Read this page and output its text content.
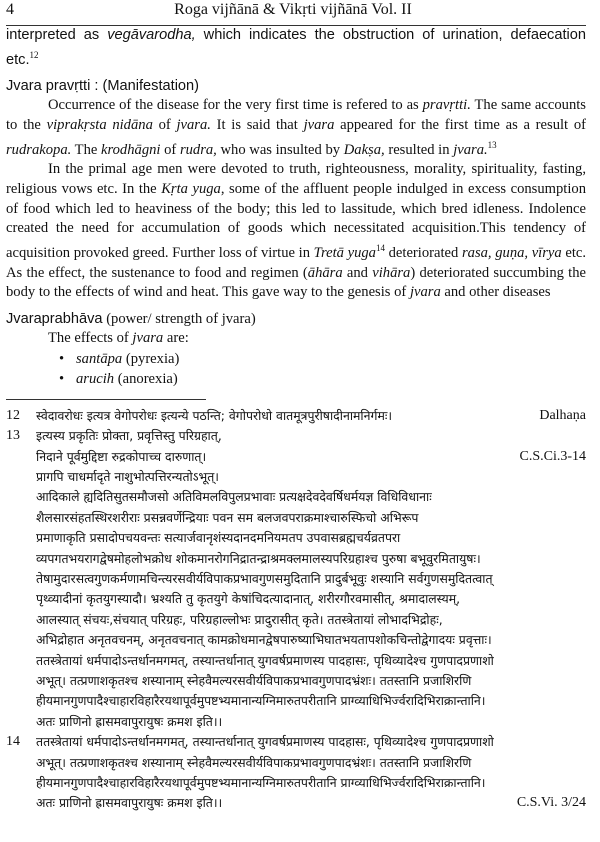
4	Roga vijñānā & Vikṛti vijñānā Vol. II

interpreted as vegāvarodha, which indicates the obstruction of urination, defaecation etc.$^{12}$

Jvara pravṛtti : (Manifestation)

Occurrence of the disease for the very first time is refered to as pravṛtti. The same accounts to the viprakṛsta nidāna of jvara. It is said that jvara appeared for the first time as a result of rudrakopa. The krodhāgni of rudra, who was insulted by Dakṣa, resulted in jvara.$^{13}$

In the primal age men were devoted to truth, righteousness, morality, spirituality, fasting, religious vows etc. In the Kṛta yuga, some of the affluent people indulged in excess consumption of food which led to heaviness of the body; this led to lassitude, which bred idleness. Indolence created the need for accumulation of goods which necessitated acquisition.This tendency of acquisition provoked greed. Further loss of virtue in Tretā yuga$^{14}$ deteriorated rasa, guṇa, vīrya etc. As the effect, the sustenance to food and regimen (āhāra and vihāra) deteriorated succumbing the body to the effects of wind and heat. This gave way to the genesis of jvara and other diseases

Jvaraprabhāva (power/ strength of jvara)

The effects of jvara are:

• santāpa (pyrexia)
• arucih (anorexia)
12	स्वेदावरोधः इत्यत्र वेगोपरोधः इत्यन्ये पठन्ति; वेगोपरोधो वातमूत्रपुरीषादीनामनिर्गमः।	Dalhaṇa
13	इत्यस्य प्रकृतिः प्रोक्ता, प्रवृत्तिस्तु परिग्रहात्,
निदाने पूर्वमुद्दिष्टा रुद्रकोपाच्च दारुणात्।	C.S.Ci.3-14
प्रागपि चाधर्मादृते नाशुभोत्पत्तिरन्यतोऽभूत्।
आदिकाले ह्यदितिसुतसमौजसो अतिविमलविपुलप्रभावाः प्रत्यक्षदेवदेवर्षिधर्मयज्ञ विधिविधानाः
शैलसारसंहतस्थिरशरीराः प्रसन्नवर्णेन्द्रियाः पवन सम बलजवपराक्रमाश्चारुस्फिचो अभिरूप
प्रमाणाकृति प्रसादोपचयवन्तः सत्यार्जवानृशंस्यदानदमनियमतप उपवासब्रह्मचर्यव्रतपरा
व्यपगतभयरागद्वेषमोहलोभक्रोध शोकमानरोगनिद्रातन्द्राश्रमक्लमालस्यपरिग्रहाश्च पुरुषा बभूवुरमितायुषः।
तेषामुदारसत्वगुणकर्मणामचिन्त्यरसवीर्यविपाकप्रभावगुणसमुदितानि प्रादुर्बभूवुः शस्यानि सर्वगुणसमुदितत्वात्
पृथ्व्यादीनां कृतयुगस्यादौ। भ्रश्यति तु कृतयुगे केषांचिदत्यादानात्, शरीरगौरवमासीत्, श्रमादालस्यम्,
आलस्यात् संचयः,संचयात् परिग्रहः, परिग्रहाल्लोभः प्रादुरासीत् कृते। ततस्त्रेतायां लोभादभिद्रोहः,
अभिद्रोहात अनृतवचनम्, अनृतवचनात् कामक्रोधमानद्वेषपारुष्याभिघातभयतापशोकचिन्तोद्वेगादयः प्रवृत्ताः।
ततस्त्रेतायां धर्मपादोऽन्तर्धानमगमत्, तस्यान्तर्धानात् युगवर्षप्रमाणस्य पादहासः, पृथिव्यादेश्च गुणपादप्रणाशो
अभूत्। तत्प्रणाशकृतश्च शस्यानाम् स्नेहवैमल्यरसवीर्यविपाकप्रभावगुणपादभ्रंशः। ततस्तानि प्रजाशिरणि
हीयमानगुणपादैश्चाहारविहारैरयथापूर्वमुपष्टभ्यमानान्यग्निमारुतपरीतानि प्राग्व्याधिभिर्ज्वरादिभिराक्रान्तानि।
अतः प्राणिनो ह्रासमवापुरायुषः क्रमश इति।।
14	ततस्त्रेतायां धर्मपादोऽन्तर्धानमगमत्, तस्यान्तर्धानात् युगवर्षप्रमाणस्य पादहासः, पृथिव्यादेश्च गुणपादप्रणाशो
अभूत्। तत्प्रणाशकृतश्च शस्यानाम् स्नेहवैमल्यरसवीर्यविपाकप्रभावगुणपादभ्रंशः। ततस्तानि प्रजाशिरणि
हीयमानगुणपादैश्चाहारविहारैरयथापूर्वमुपष्टभ्यमानान्यग्निमारुतपरीतानि प्राग्व्याधिभिर्ज्वरादिभिराक्रान्तानि।
अतः प्राणिनो ह्रासमवापुरायुषः क्रमश इति।।	C.S.Vi. 3/24
